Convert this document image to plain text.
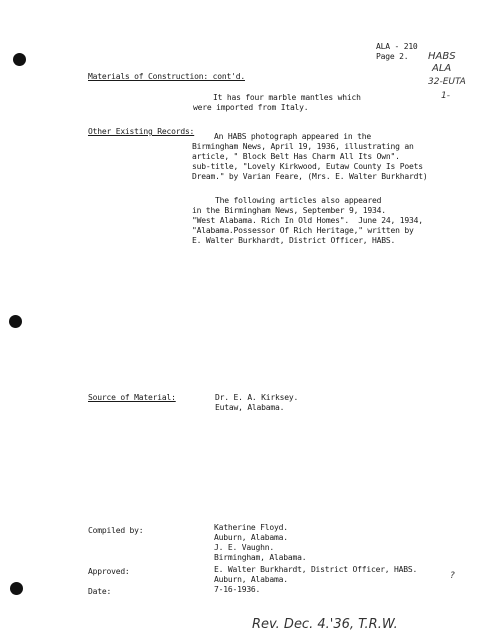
ALA - 210
Page 2. HABS
ALA
32-EUTA
1-
Materials of Construction: cont'd.
It has four marble mantles which
were imported from Italy.
Other Existing Records:
An HABS photograph appeared in the
Birmingham News, April 19, 1936, illustrating an
article, " Block Belt Has Charm All Its Own".
sub-title, "Lovely Kirkwood, Eutaw County Is Poets
Dream." by Varian Feare, (Mrs. E. Walter Burkhardt)
The following articles also appeared
in the Birmingham News, September 9, 1934.
"West Alabama. Rich In Old Homes".  June 24, 1934,
"Alabama.Possessor Of Rich Heritage," written by
E. Walter Burkhardt, District Officer, HABS.
Source of Material:	Dr. E. A. Kirksey.
Eutaw, Alabama.
Compiled by:	Katherine Floyd.
Auburn, Alabama.
J. E. Vaughn.
Birmingham, Alabama.
Approved:	E. Walter Burkhardt, District Officer, HABS.
Auburn, Alabama.
Date:	7-16-1936.
?
Rev. Dec. 4.'36, T.R.W.
